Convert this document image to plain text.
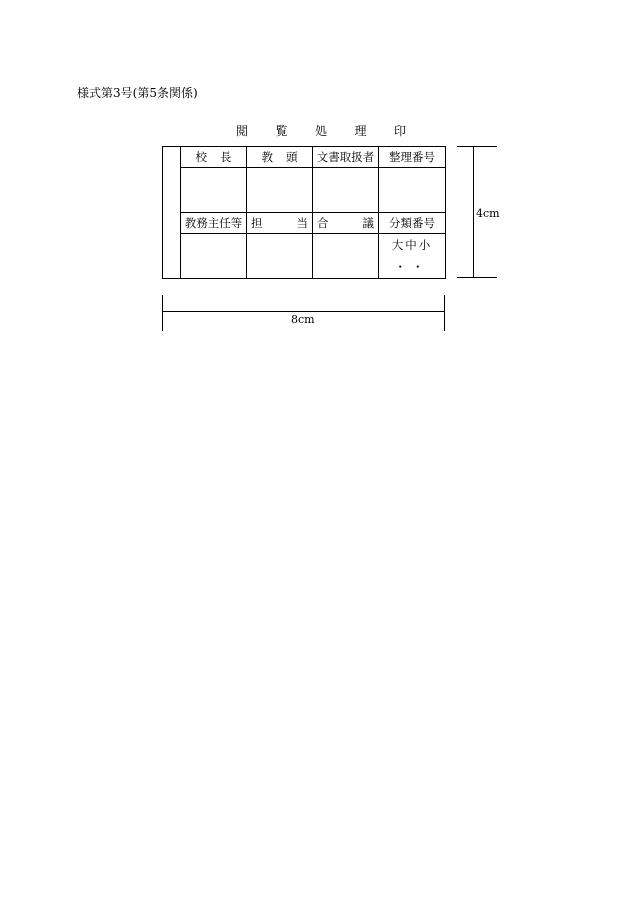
様式第3号(第5条関係)
閲 覧 処 理 印

	校 長	教 頭	文書取扱者	整理番号

	教務主任等	担 当	合 議	分類番号

				大中小
・・
4cm
8cm
